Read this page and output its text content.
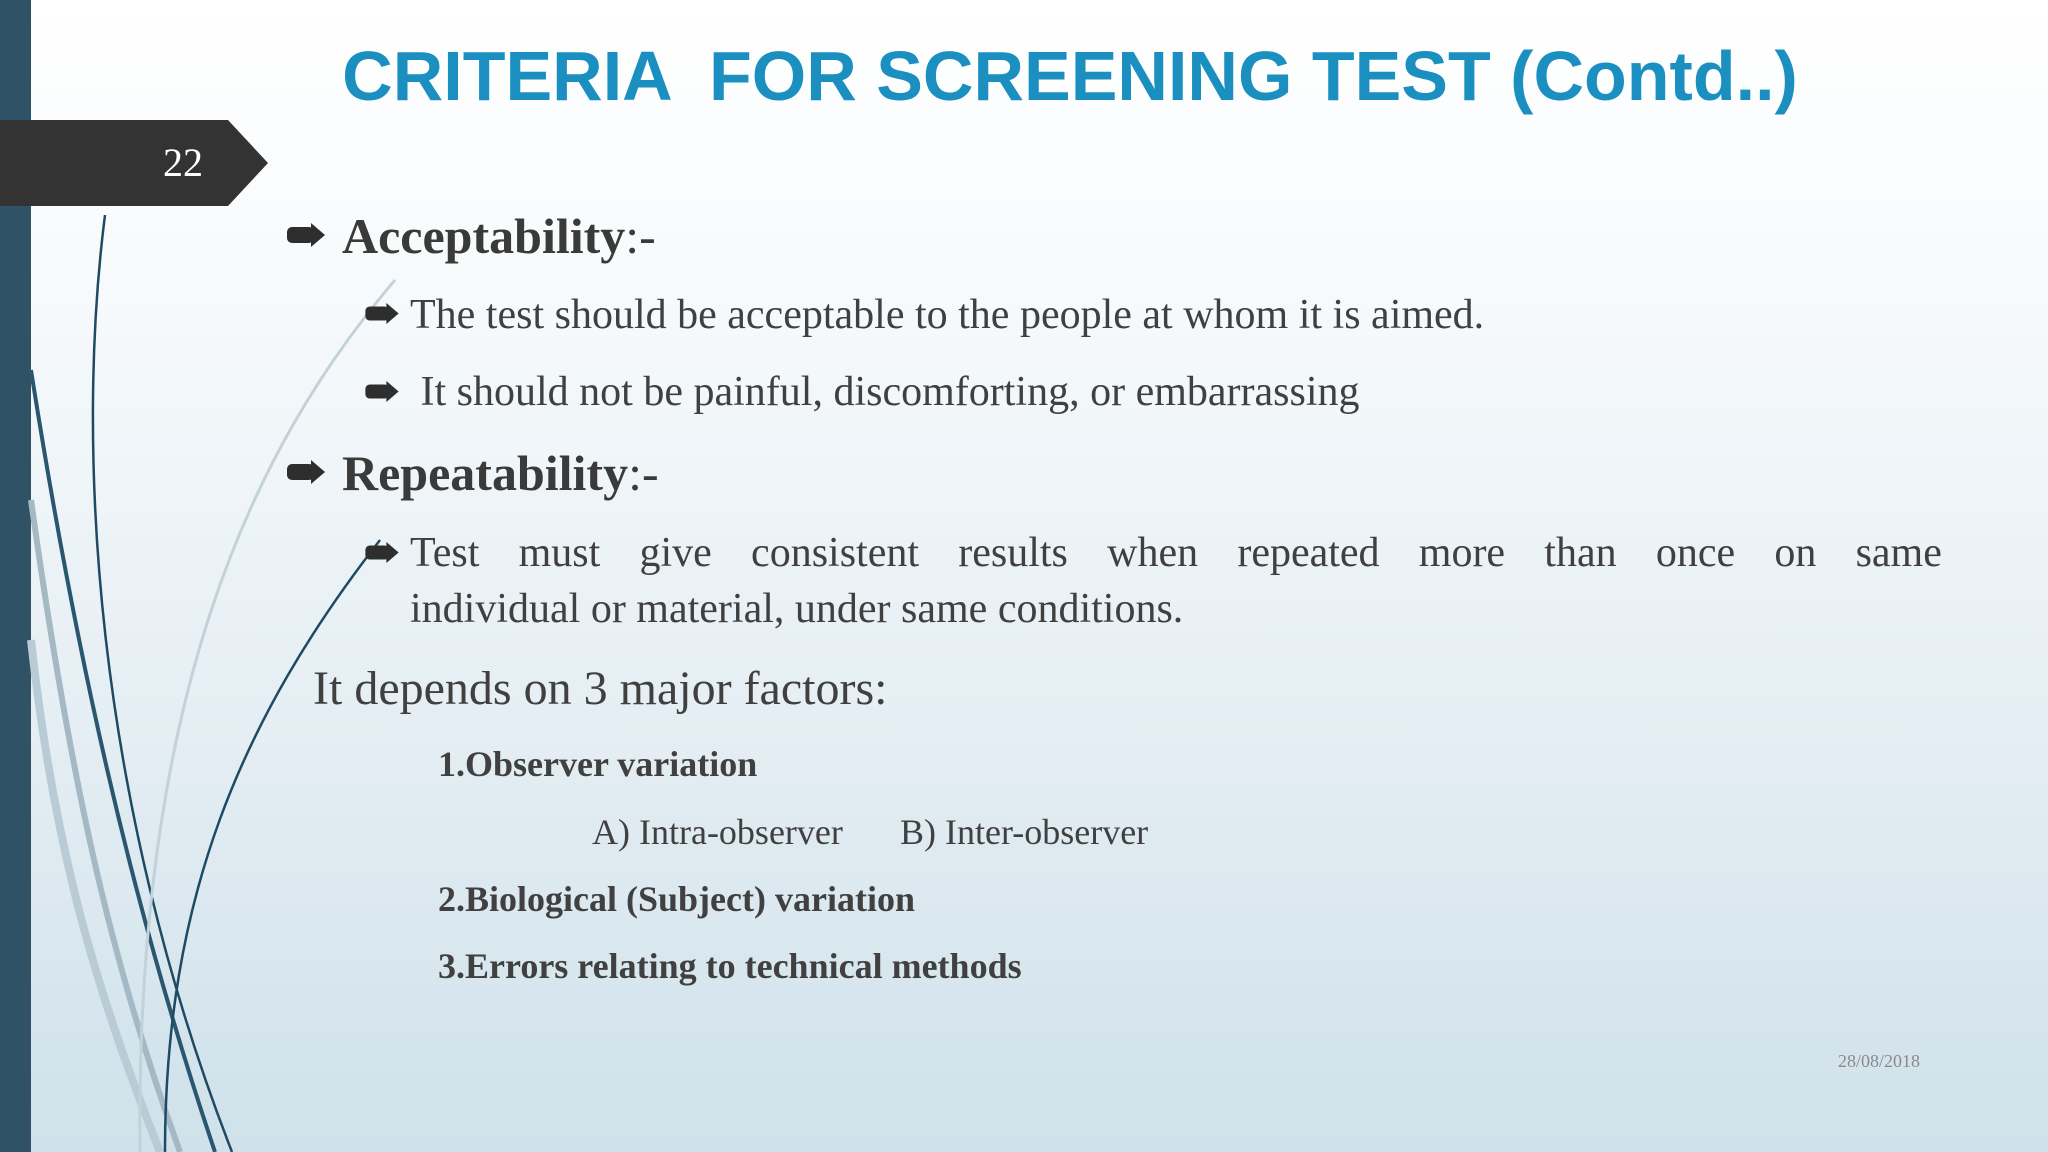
22
CRITERIA  FOR SCREENING TEST (Contd..)
Acceptability:-
The test should be acceptable to the people at whom it is aimed.
It should not be painful, discomforting, or embarrassing
Repeatability:-
Test must give consistent results when repeated more than once on same
individual or material, under same conditions.
It depends on 3 major factors:
1.Observer variation
A) Intra-observer B) Inter-observer
2.Biological (Subject) variation
3.Errors relating to technical methods
28/08/2018
